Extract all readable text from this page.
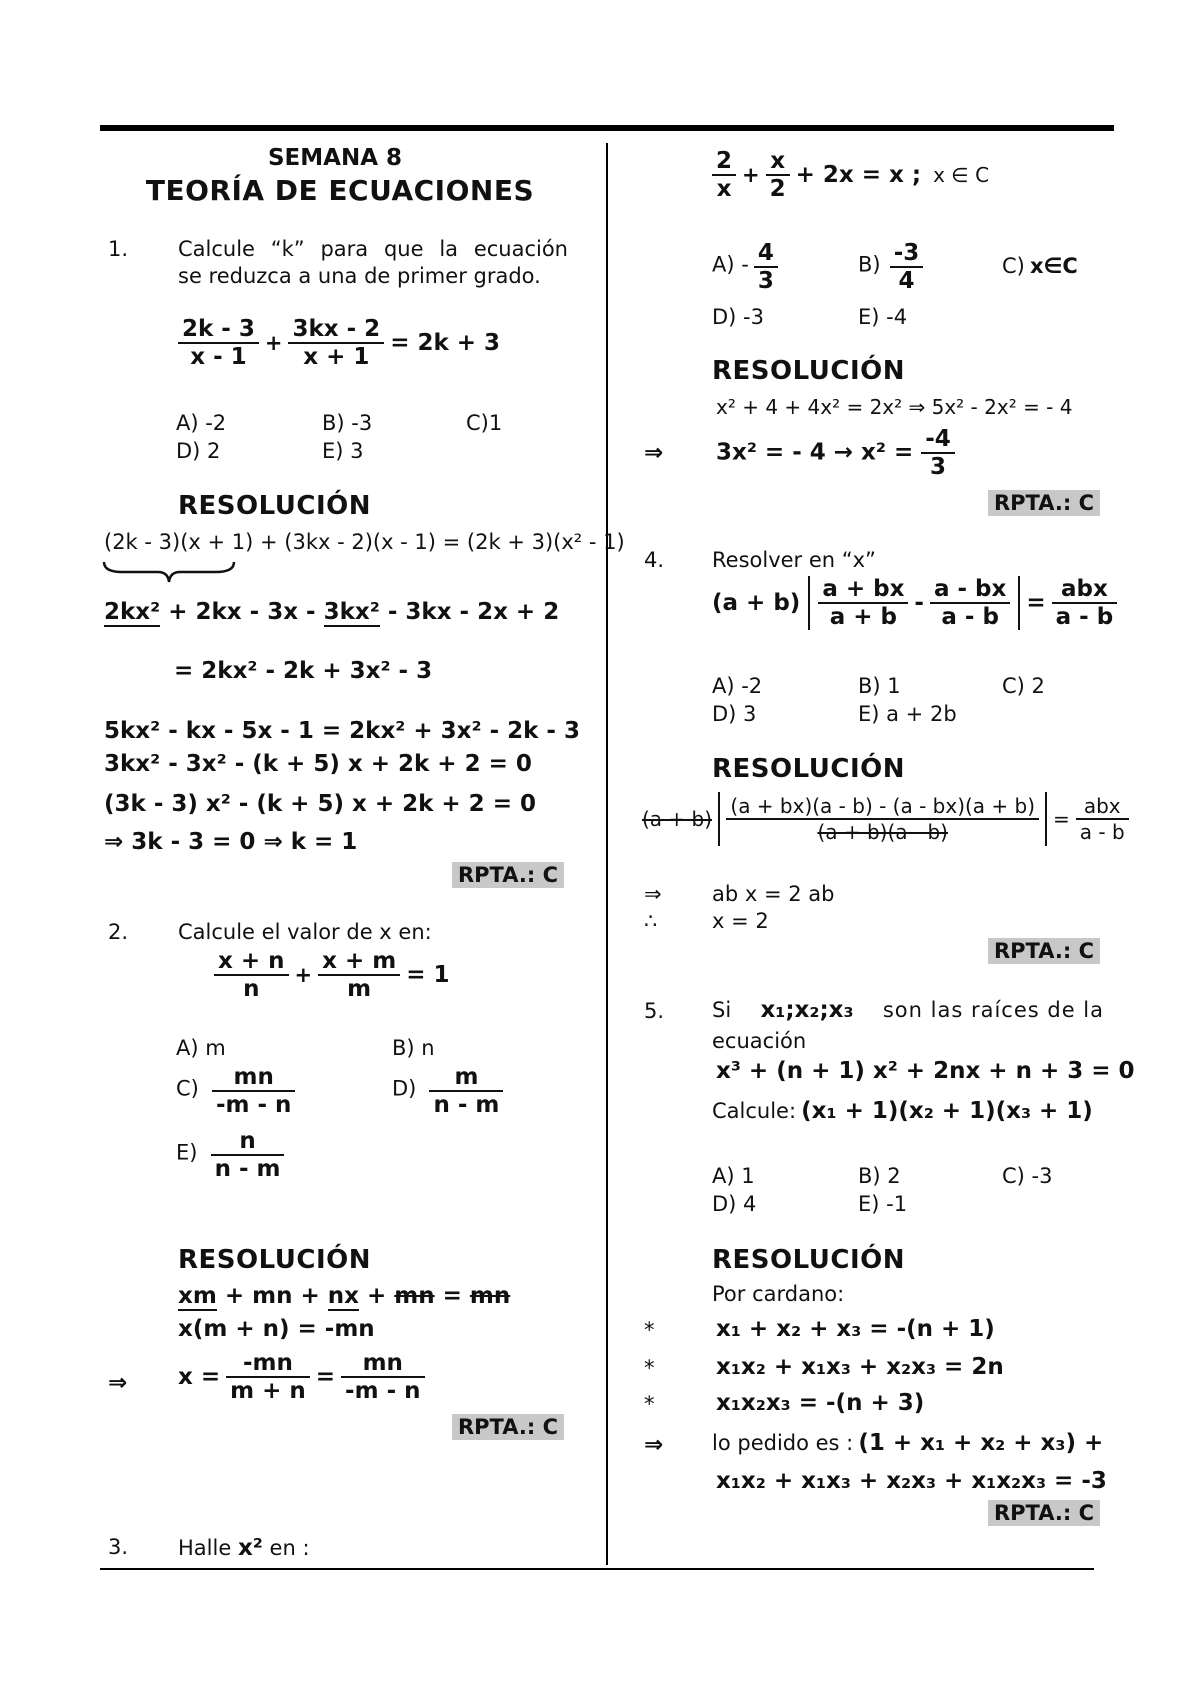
SEMANA 8
TEORÍA DE ECUACIONES
1. Calcule “k” para que la ecuación
se reduzca a una de primer grado.
$\frac{2k - 3}{x - 1} + \frac{3kx - 2}{x + 1} = 2k + 3$
A) -2	B) -3	C)1
D) 2	E) 3
RESOLUCIÓN
(2k - 3)(x + 1) + (3kx - 2)(x - 1) = (2k + 3)(x² - 1)
2kx² + 2kx - 3x - 3kx² - 3kx - 2x + 2
= 2kx² - 2k + 3x² - 3
5kx² - kx - 5x - 1 = 2kx² + 3x² - 2k - 3
3kx² - 3x² - (k + 5) x + 2k + 2 = 0
(3k - 3) x² - (k + 5) x + 2k + 2 = 0
⇒ 3k - 3 = 0 ⇒ k = 1
RPTA.: C
2. Calcule el valor de x en:
$\frac{x + n}{n} + \frac{x + m}{m} = 1$
A) m	B) n
$C) \frac{mn}{-m - n}$	$D) \frac{m}{n - m}$
$E) \frac{n}{n - m}$
RESOLUCIÓN
xm + mn + nx + mn = mn
x(m + n) = -mn
⇒ $x = \frac{-mn}{m + n} = \frac{mn}{-m - n}$
RPTA.: C
3. Halle x² en :
$\frac{2}{x} + \frac{x}{2} + 2x = x$ ; x ∈ C
$A) - \frac{4}{3}$	$B) \frac{-3}{4}$	C) x∈C
D) -3	E) -4
RESOLUCIÓN
x² + 4 + 4x² = 2x² ⇒ 5x² - 2x² = - 4
⇒ 3x² = - $4 \to x^2 = \frac{-4}{3}$
RPTA.: C
4. Resolver en “x”
$(a + b) \frac{a + bx}{a + b} - \frac{a - bx}{a - b} = \frac{\text{abx}}{a - b}$
A) -2	B) 1	C) 2
D) 3	E) a + 2b
RESOLUCIÓN
$(a + b) \frac{(a + bx)(a - b) - (a - bx)(a + b)}{(a + b)(a - b)} = \frac{\text{abx}}{a - b}$
⇒ ab x = 2 ab
∴	x = 2
RPTA.: C
5. Si x₁;x₂;x₃ son las raíces de la
ecuación
x³ + (n + 1) x² + 2nx + n + 3 = 0
Calcule: (x₁ + 1)(x₂ + 1)(x₃ + 1)
A) 1	B) 2	C) -3
D) 4	E) -1
RESOLUCIÓN
Por cardano:
*	x₁ + x₂ + x₃ = -(n + 1)
*	x₁x₂ + x₁x₃ + x₂x₃ = 2n
*	x₁x₂x₃ = -(n + 3)
⇒ lo pedido es : (1 + x₁ + x₂ + x₃) +
x₁x₂ + x₁x₃ + x₂x₃ + x₁x₂x₃ = -3
RPTA.: C
